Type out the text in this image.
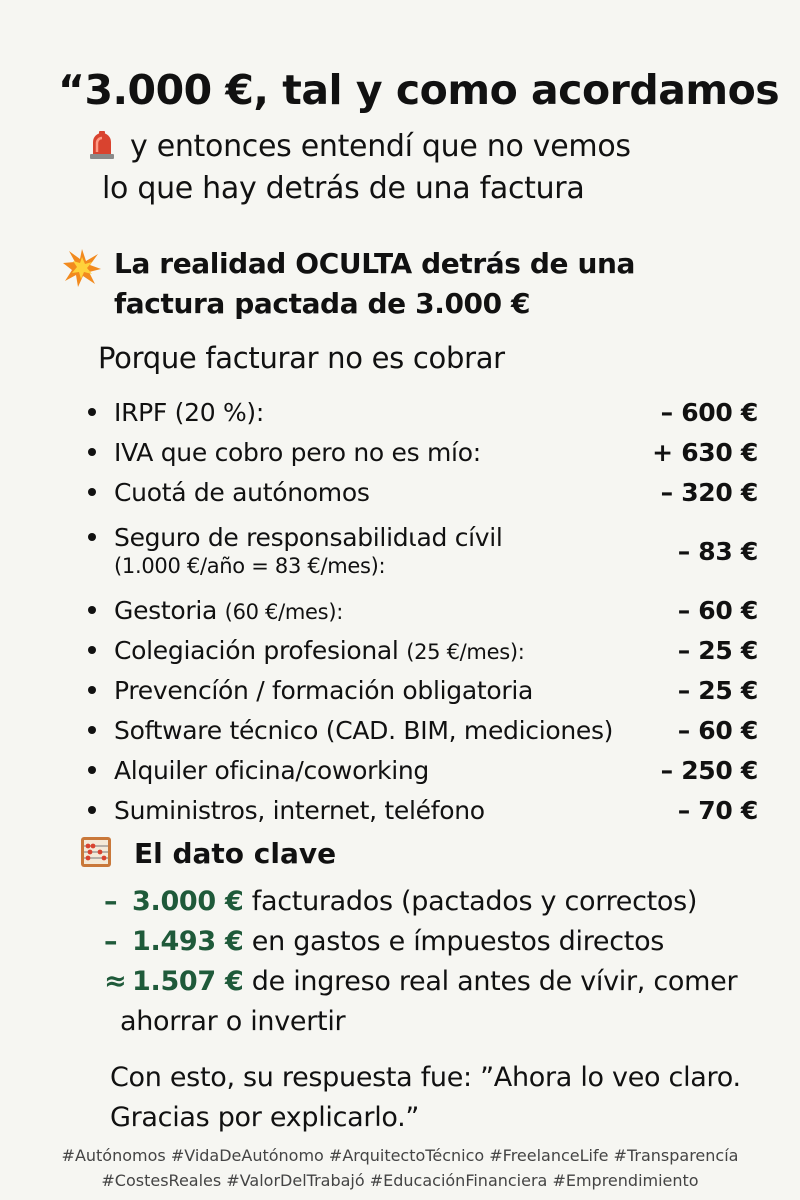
“3.000 €, tal y como acordamos
y entonces entendí que no vemos
lo que hay detrás de una factura
La realidad OCULTA detrás de una
factura pactada de 3.000 €
Porque facturar no es cobrar
IRPF (20 %):	– 600 €
IVA que cobro pero no es mío:	+ 630 €
Cuotá de autónomos	– 320 €
Seguro de responsabilidɩad cívil
(1.000 €/año = 83 €/mes):	– 83 €
Gestoria (60 €/mes):	– 60 €
Colegiación profesional (25 €/mes):	– 25 €
Prevencíón / formación obligatoria	– 25 €
Software técnico (CAD. BIM, mediciones)	– 60 €
Alquiler oficina/coworking	– 250 €
Suministros, internet, teléfono	– 70 €
El dato clave
– 3.000 € facturados (pactados y correctos)
– 1.493 € en gastos e ímpuestos directos
≈ 1.507 € de ingreso real antes de vívir, comer
ahorrar o invertir
Con esto, su respuesta fue: ”Ahora lo veo claro.
Gracias por explicarlo.”
#Autónomos #VidaDeAutónomo #ArquitectoTécnico #FreelanceLife #Transparencía
#CostesReales #ValorDelTrabajó #EducaciónFinanciera #Emprendimiento
